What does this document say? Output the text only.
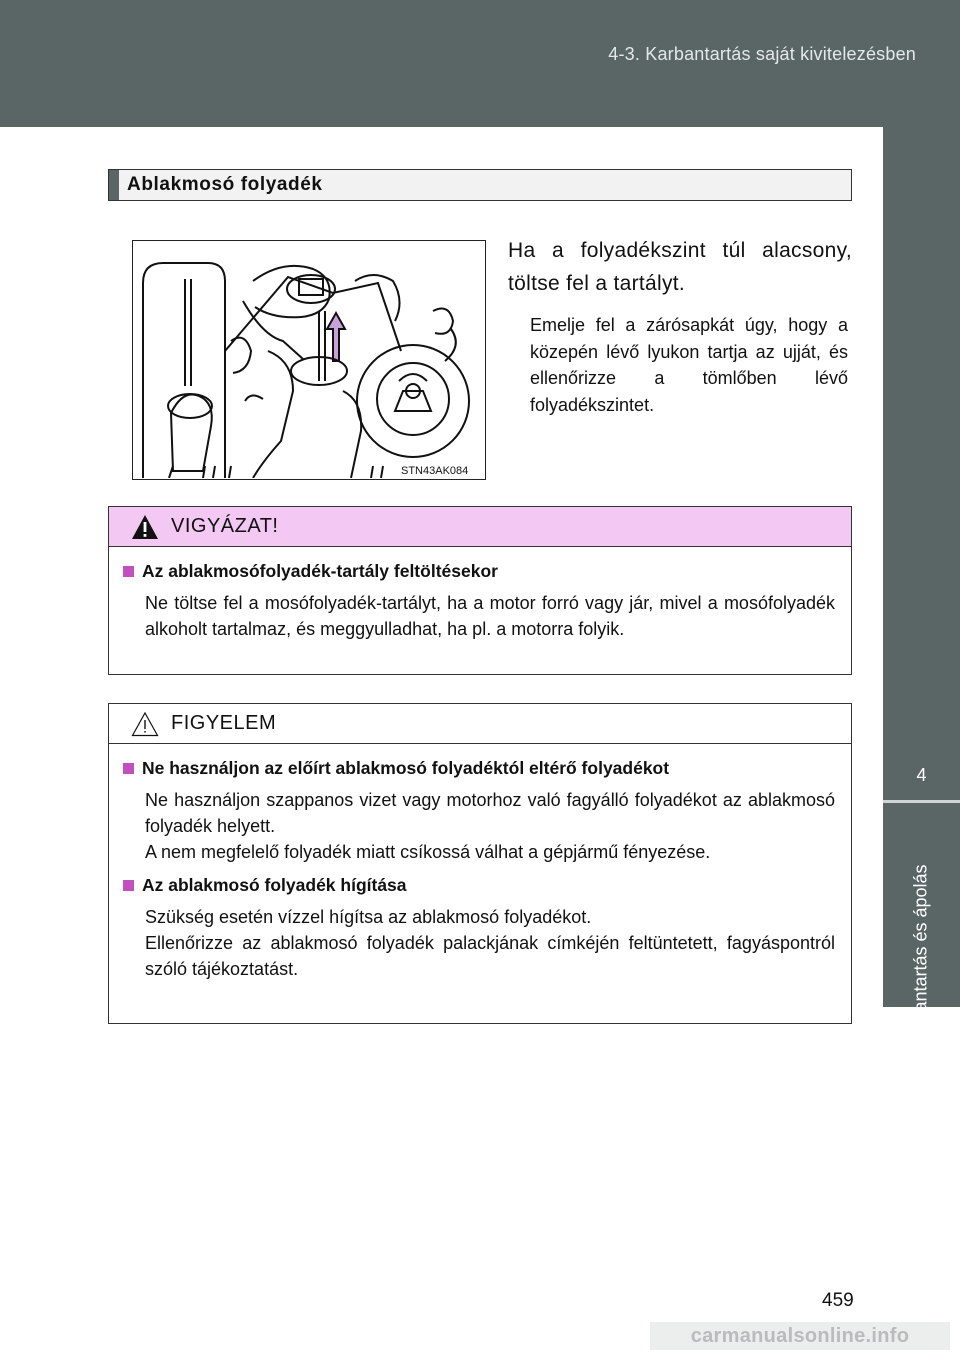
4-3. Karbantartás saját kivitelezésben
4
Karbantartás és ápolás
Ablakmosó folyadék
STN43AK084
Ha a folyadékszint túl alacsony, töltse fel a tartályt.
Emelje fel a zárósapkát úgy, hogy a közepén lévő lyukon tartja az ujját, és ellenőrizze a tömlőben lévő folyadékszintet.
VIGYÁZAT!
Az ablakmosófolyadék-tartály feltöltésekor
Ne töltse fel a mosófolyadék-tartályt, ha a motor forró vagy jár, mivel a mosófolyadék alkoholt tartalmaz, és meggyulladhat, ha pl. a motorra folyik.
FIGYELEM
Ne használjon az előírt ablakmosó folyadéktól eltérő folyadékot
Ne használjon szappanos vizet vagy motorhoz való fagyálló folyadékot az ablakmosó folyadék helyett.
A nem megfelelő folyadék miatt csíkossá válhat a gépjármű fényezése.
Az ablakmosó folyadék hígítása
Szükség esetén vízzel hígítsa az ablakmosó folyadékot.
Ellenőrizze az ablakmosó folyadék palackjának címkéjén feltüntetett, fagyáspontról szóló tájékoztatást.
459
carmanualsonline.info
